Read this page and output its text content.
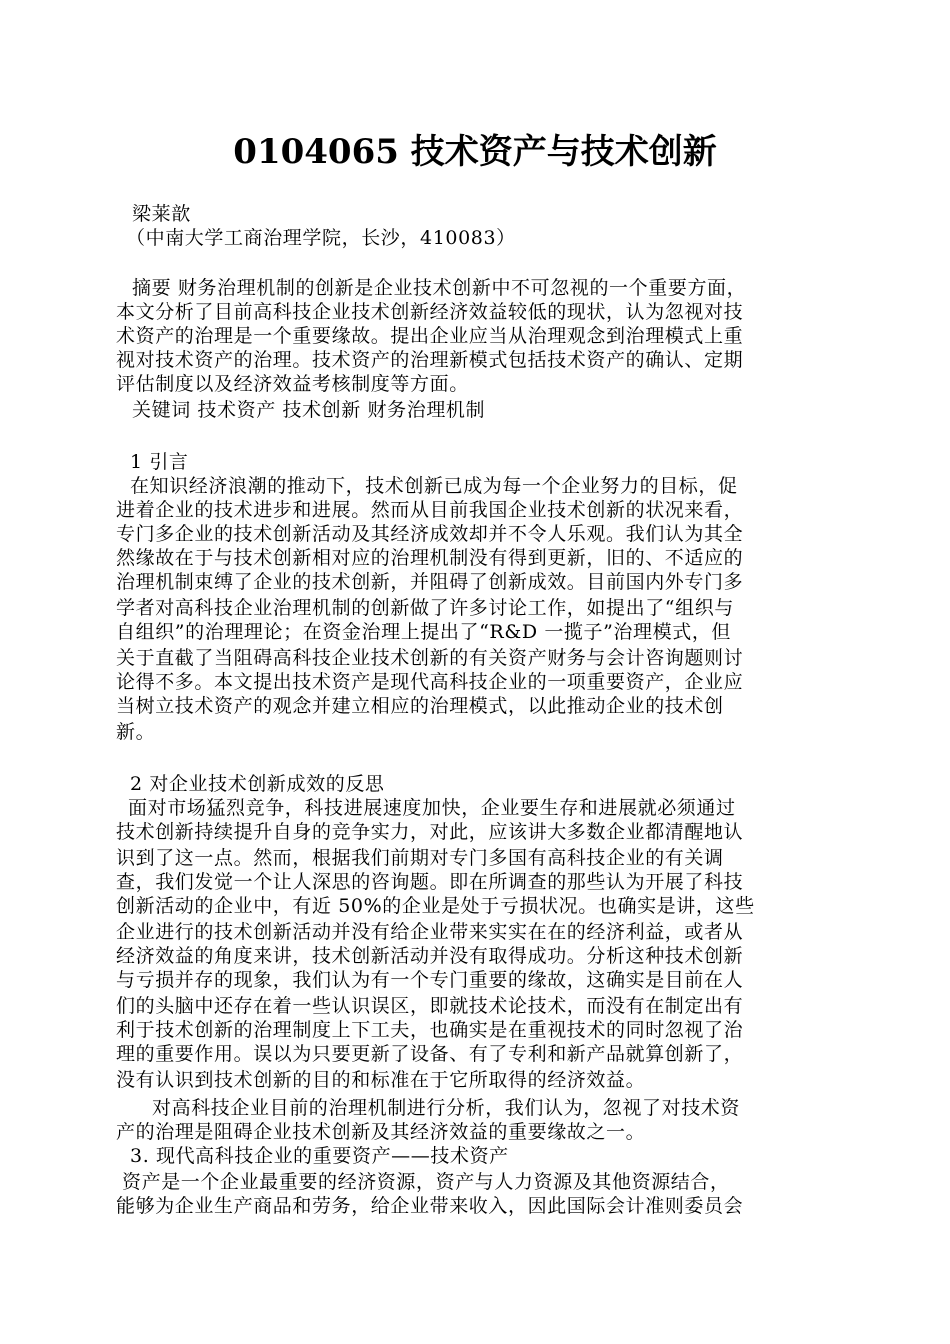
0104065 技术资产与技术创新
梁莱歆
（中南大学工商治理学院，长沙，410083）
摘要 财务治理机制的创新是企业技术创新中不可忽视的一个重要方面，
本文分析了目前高科技企业技术创新经济效益较低的现状，认为忽视对技
术资产的治理是一个重要缘故。提出企业应当从治理观念到治理模式上重
视对技术资产的治理。技术资产的治理新模式包括技术资产的确认、定期
评估制度以及经济效益考核制度等方面。
关键词 技术资产 技术创新 财务治理机制
1 引言
在知识经济浪潮的推动下，技术创新已成为每一个企业努力的目标，促
进着企业的技术进步和进展。然而从目前我国企业技术创新的状况来看，
专门多企业的技术创新活动及其经济成效却并不令人乐观。我们认为其全
然缘故在于与技术创新相对应的治理机制没有得到更新，旧的、不适应的
治理机制束缚了企业的技术创新，并阻碍了创新成效。目前国内外专门多
学者对高科技企业治理机制的创新做了许多讨论工作，如提出了“组织与
自组织”的治理理论；在资金治理上提出了“R&D 一揽子”治理模式，但
关于直截了当阻碍高科技企业技术创新的有关资产财务与会计咨询题则讨
论得不多。本文提出技术资产是现代高科技企业的一项重要资产，企业应
当树立技术资产的观念并建立相应的治理模式，以此推动企业的技术创
新。
2 对企业技术创新成效的反思
面对市场猛烈竞争，科技进展速度加快，企业要生存和进展就必须通过
技术创新持续提升自身的竞争实力，对此，应该讲大多数企业都清醒地认
识到了这一点。然而，根据我们前期对专门多国有高科技企业的有关调
查，我们发觉一个让人深思的咨询题。即在所调查的那些认为开展了科技
创新活动的企业中，有近 50%的企业是处于亏损状况。也确实是讲，这些
企业进行的技术创新活动并没有给企业带来实实在在的经济利益，或者从
经济效益的角度来讲，技术创新活动并没有取得成功。分析这种技术创新
与亏损并存的现象，我们认为有一个专门重要的缘故，这确实是目前在人
们的头脑中还存在着一些认识误区，即就技术论技术，而没有在制定出有
利于技术创新的治理制度上下工夫，也确实是在重视技术的同时忽视了治
理的重要作用。误以为只要更新了设备、有了专利和新产品就算创新了，
没有认识到技术创新的目的和标准在于它所取得的经济效益。
对高科技企业目前的治理机制进行分析，我们认为，忽视了对技术资
产的治理是阻碍企业技术创新及其经济效益的重要缘故之一。
3. 现代高科技企业的重要资产——技术资产
资产是一个企业最重要的经济资源，资产与人力资源及其他资源结合，
能够为企业生产商品和劳务，给企业带来收入，因此国际会计准则委员会
